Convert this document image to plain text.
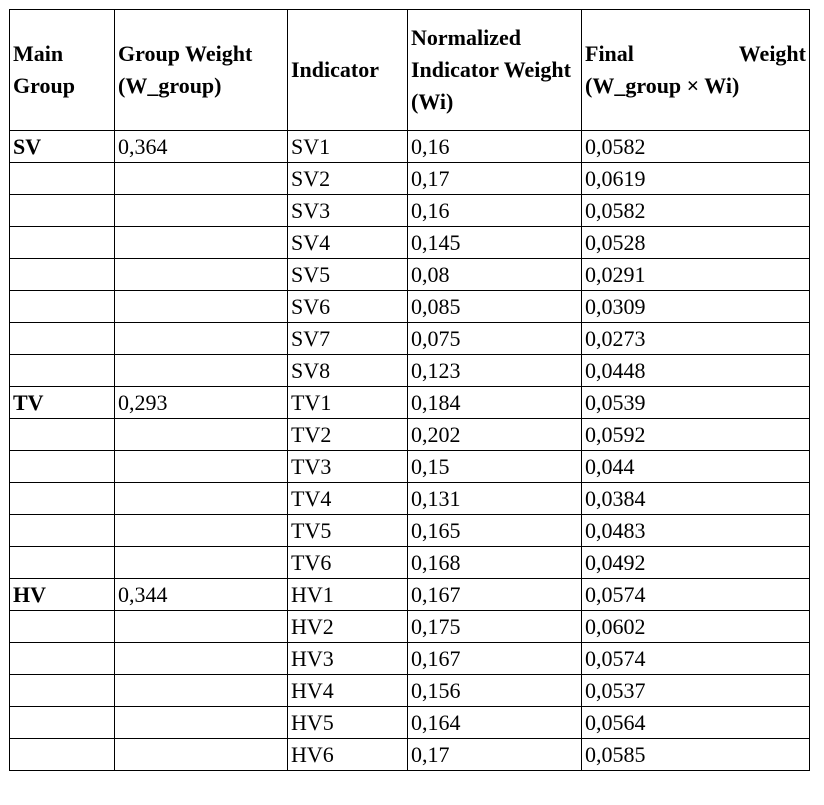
Main Group	Group Weight (W_group)	Indicator	Normalized Indicator Weight (Wi)	Final Weight
(W_group × Wi)

SV	0,364	SV1	0,16	0,0582
		SV2	0,17	0,0619
		SV3	0,16	0,0582
		SV4	0,145	0,0528
		SV5	0,08	0,0291
		SV6	0,085	0,0309
		SV7	0,075	0,0273
		SV8	0,123	0,0448
TV	0,293	TV1	0,184	0,0539
		TV2	0,202	0,0592
		TV3	0,15	0,044
		TV4	0,131	0,0384
		TV5	0,165	0,0483
		TV6	0,168	0,0492
HV	0,344	HV1	0,167	0,0574
		HV2	0,175	0,0602
		HV3	0,167	0,0574
		HV4	0,156	0,0537
		HV5	0,164	0,0564
		HV6	0,17	0,0585
